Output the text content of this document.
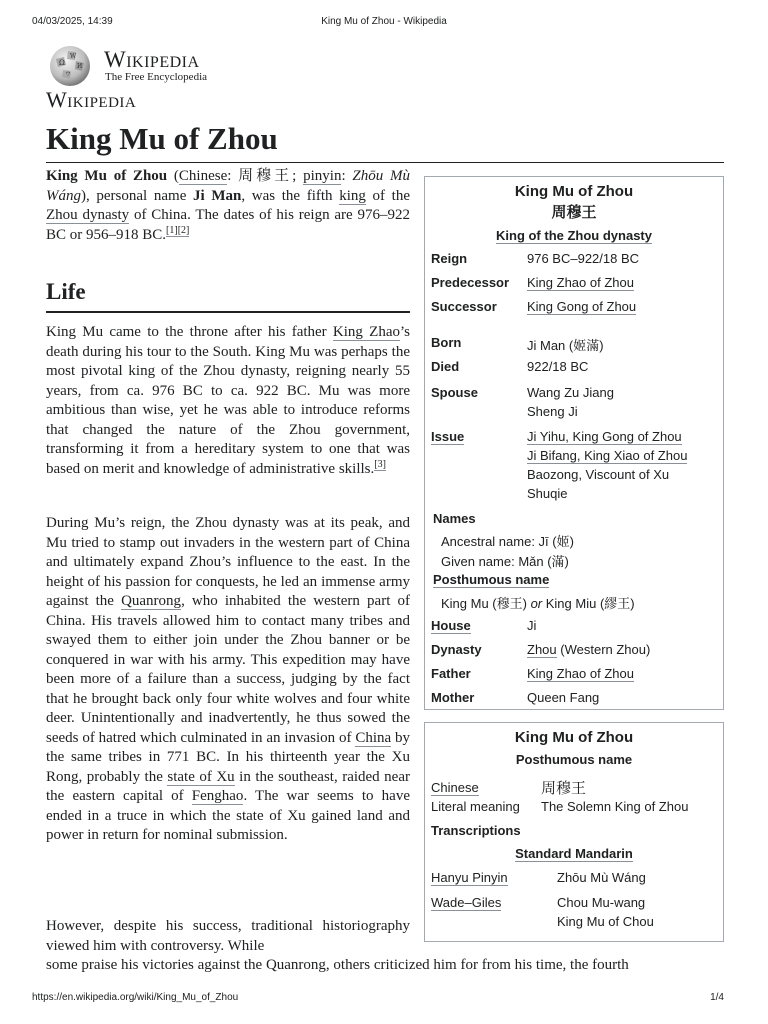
04/03/2025, 14:39	King Mu of Zhou - Wikipedia
Ω
W
И
ウ
Wikipedia
The Free Encyclopedia
Wikipedia
King Mu of Zhou

King Mu of Zhou (Chinese: 周穆王; pinyin: Zhōu Mù Wáng), personal name Ji Man, was the fifth king of the Zhou dynasty of China. The dates of his reign are 976–922 BC or 956–918 BC.[1][2]

Life

King Mu came to the throne after his father King Zhao’s death during his tour to the South. King Mu was perhaps the most pivotal king of the Zhou dynasty, reigning nearly 55 years, from ca. 976 BC to ca. 922 BC. Mu was more ambitious than wise, yet he was able to introduce reforms that changed the nature of the Zhou government, transforming it from a hereditary system to one that was based on merit and knowledge of administrative skills.[3]

During Mu’s reign, the Zhou dynasty was at its peak, and Mu tried to stamp out invaders in the western part of China and ultimately expand Zhou’s influence to the east. In the height of his passion for conquests, he led an immense army against the Quanrong, who inhabited the western part of China. His travels allowed him to contact many tribes and swayed them to either join under the Zhou banner or be conquered in war with his army. This expedition may have been more of a failure than a success, judging by the fact that he brought back only four white wolves and four white deer. Unintentionally and inadvertently, he thus sowed the seeds of hatred which culminated in an invasion of China by the same tribes in 771 BC. In his thirteenth year the Xu Rong, probably the state of Xu in the southeast, raided near the eastern capital of Fenghao. The war seems to have ended in a truce in which the state of Xu gained land and power in return for nominal submission.

However, despite his success, traditional historiography viewed him with controversy. While

some praise his victories against the Quanrong, others criticized him for from his time, the fourth
King Mu of Zhou
周穆王
King of the Zhou dynasty
Reign	976 BC–922/18 BC
Predecessor	King Zhao of Zhou
Successor	King Gong of Zhou
Born	Ji Man (姬滿)
Died	922/18 BC
Spouse	Wang Zu Jiang
Sheng Ji
Issue	Ji Yihu, King Gong of Zhou
Ji Bifang, King Xiao of Zhou
Baozong, Viscount of Xu
Shuqie
Names
Ancestral name: Jī (姬)
Given name: Mǎn (滿)
Posthumous name
King Mu (穆王) or King Miu (繆王)
House	Ji
Dynasty	Zhou (Western Zhou)
Father	King Zhao of Zhou
Mother	Queen Fang
King Mu of Zhou
Posthumous name
Chinese	周穆王
Literal meaning	The Solemn King of Zhou
Transcriptions
Standard Mandarin
Hanyu Pinyin	Zhōu Mù Wáng
Wade–Giles	Chou Mu-wang
King Mu of Chou
https://en.wikipedia.org/wiki/King_Mu_of_Zhou	1/4
